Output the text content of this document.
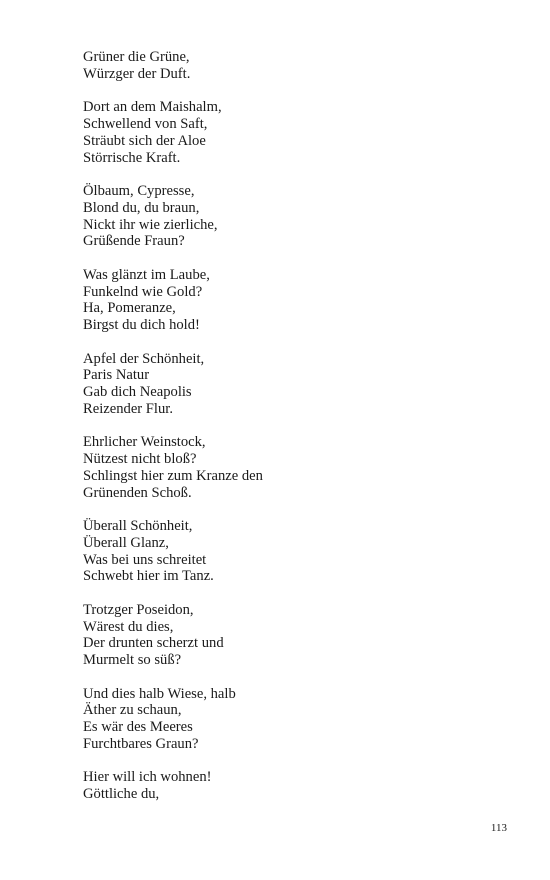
Grüner die Grüne,
Würzger der Duft.
Dort an dem Maishalm,
Schwellend von Saft,
Sträubt sich der Aloe
Störrische Kraft.
Ölbaum, Cypresse,
Blond du, du braun,
Nickt ihr wie zierliche,
Grüßende Fraun?
Was glänzt im Laube,
Funkelnd wie Gold?
Ha, Pomeranze,
Birgst du dich hold!
Apfel der Schönheit,
Paris Natur
Gab dich Neapolis
Reizender Flur.
Ehrlicher Weinstock,
Nützest nicht bloß?
Schlingst hier zum Kranze den
Grünenden Schoß.
Überall Schönheit,
Überall Glanz,
Was bei uns schreitet
Schwebt hier im Tanz.
Trotzger Poseidon,
Wärest du dies,
Der drunten scherzt und
Murmelt so süß?
Und dies halb Wiese, halb
Äther zu schaun,
Es wär des Meeres
Furchtbares Graun?
Hier will ich wohnen!
Göttliche du,
113
